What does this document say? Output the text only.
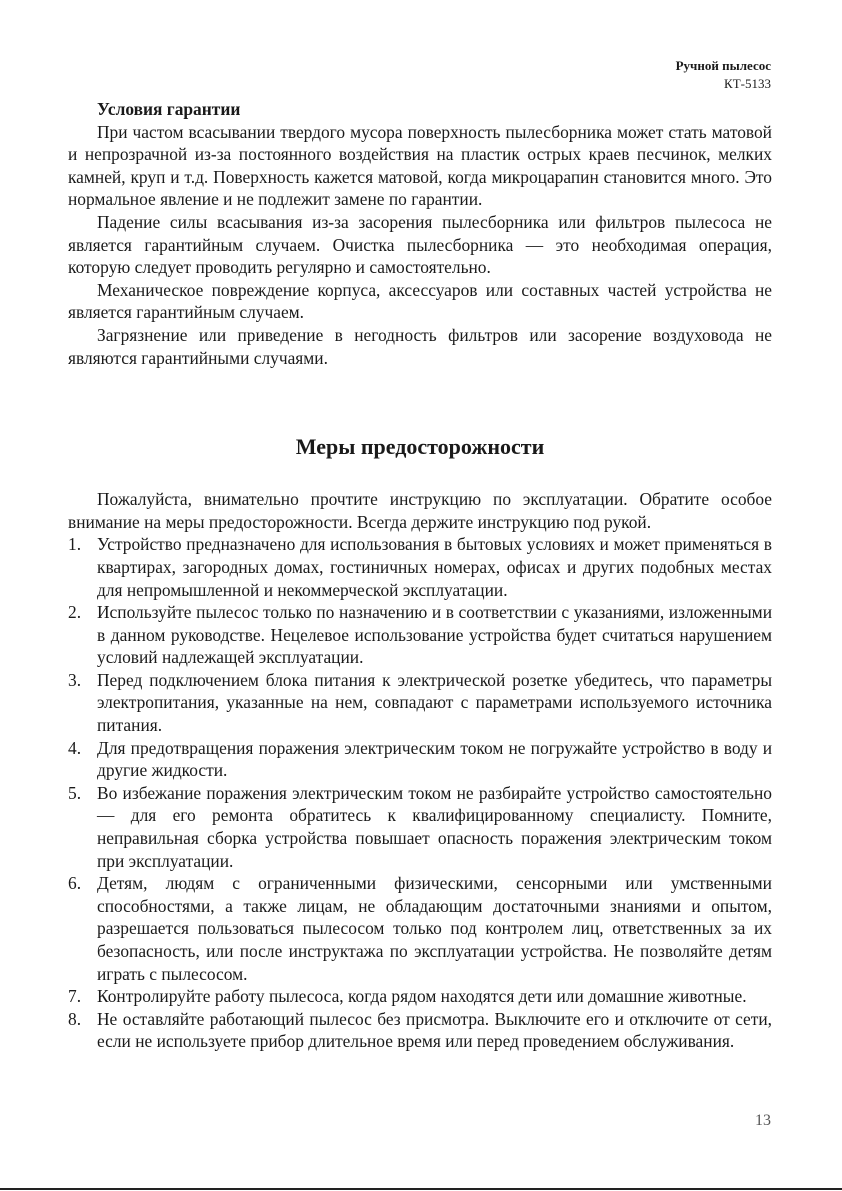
Ручной пылесос
КТ-5133

Условия гарантии

При частом всасывании твердого мусора поверхность пылесборника может стать матовой и непрозрачной из-за постоянного воздействия на пластик острых краев песчинок, мелких камней, круп и т.д. Поверхность кажется матовой, когда микроцарапин становится много. Это нормальное явление и не подлежит замене по гарантии.

Падение силы всасывания из-за засорения пылесборника или фильтров пылесоса не является гарантийным случаем. Очистка пылесборника — это необходимая операция, которую следует проводить регулярно и самостоятельно.

Механическое повреждение корпуса, аксессуаров или составных частей устройства не является гарантийным случаем.

Загрязнение или приведение в негодность фильтров или засорение воздуховода не являются гарантийными случаями.

Меры предосторожности

Пожалуйста, внимательно прочтите инструкцию по эксплуатации. Обратите особое внимание на меры предосторожности. Всегда держите инструкцию под рукой.

1. Устройство предназначено для использования в бытовых условиях и может применяться в квартирах, загородных домах, гостиничных номерах, офисах и других подобных местах для непромышленной и некоммерческой эксплуатации.
2. Используйте пылесос только по назначению и в соответствии с указаниями, изложенными в данном руководстве. Нецелевое использование устройства будет считаться нарушением условий надлежащей эксплуатации.
3. Перед подключением блока питания к электрической розетке убедитесь, что параметры электропитания, указанные на нем, совпадают с параметрами используемого источника питания.
4. Для предотвращения поражения электрическим током не погружайте устройство в воду и другие жидкости.
5. Во избежание поражения электрическим током не разбирайте устройство самостоятельно — для его ремонта обратитесь к квалифицированному специалисту. Помните, неправильная сборка устройства повышает опасность поражения электрическим током при эксплуатации.
6. Детям, людям с ограниченными физическими, сенсорными или умственными способностями, а также лицам, не обладающим достаточными знаниями и опытом, разрешается пользоваться пылесосом только под контролем лиц, ответственных за их безопасность, или после инструктажа по эксплуатации устройства. Не позволяйте детям играть с пылесосом.
7. Контролируйте работу пылесоса, когда рядом находятся дети или домашние животные.
8. Не оставляйте работающий пылесос без присмотра. Выключите его и отключите от сети, если не используете прибор длительное время или перед проведением обслуживания.
13
